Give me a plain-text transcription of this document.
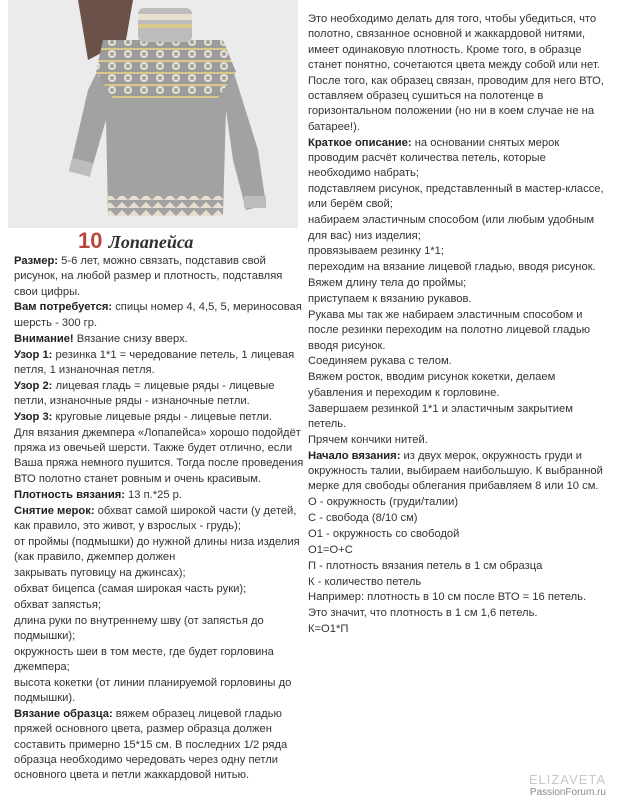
10 Лопапейса

Размер: 5-6 лет, можно связать, подставив свой рисунок, на любой размер и плотность, подставляя свои цифры.

Вам потребуется: спицы номер 4, 4,5, 5, мериносовая шерсть - 300 гр.

Внимание! Вязание снизу вверх.

Узор 1: резинка 1*1 = чередование петель, 1 лицевая петля, 1 изнаночная петля.

Узор 2: лицевая гладь = лицевые ряды - лицевые петли, изнаночные ряды - изнаночные петли.

Узор 3: круговые лицевые ряды - лицевые петли.

Для вязания джемпера «Лопапейса» хорошо подойдёт пряжа из овечьей шерсти. Также будет отлично, если Ваша пряжа немного пушится. Тогда после проведения ВТО полотно станет ровным и очень красивым.

Плотность вязания: 13 п.*25 р.

Снятие мерок: обхват самой широкой части (у детей, как правило, это живот, у взрослых - грудь);

от проймы (подмышки) до нужной длины низа изделия (как правило, джемпер должен

закрывать пуговицу на джинсах);

обхват бицепса (самая широкая часть руки);

обхват запястья;

длина руки по внутреннему шву (от запястья до подмышки);

окружность шеи в том месте, где будет горловина джемпера;

высота кокетки (от линии планируемой горловины до подмышки).

Вязание образца: вяжем образец лицевой гладью пряжей основного цвета, размер образца должен составить примерно 15*15 см. В последних 1/2 ряда образца необходимо чередовать через одну петли основного цвета и петли жаккардовой нитью.

Это необходимо делать для того, чтобы убедиться, что полотно, связанное основной и жаккардовой нитями, имеет одинаковую плотность. Кроме того, в образце станет понятно, сочетаются цвета между собой или нет.

После того, как образец связан, проводим для него ВТО, оставляем образец сушиться на полотенце в горизонтальном положении (но ни в коем случае не на батарее!).

Краткое описание: на основании снятых мерок проводим расчёт количества петель, которые необходимо набрать;

подставляем рисунок, представленный в мастер-классе, или берём свой;

набираем эластичным способом (или любым удобным для вас) низ изделия;

провязываем резинку 1*1;

переходим на вязание лицевой гладью, вводя рисунок.

Вяжем длину тела до проймы;

приступаем к вязанию рукавов.

Рукава мы так же набираем эластичным способом и после резинки переходим на полотно лицевой гладью вводя рисунок.

Соединяем рукава с телом.

Вяжем росток, вводим рисунок кокетки, делаем убавления и переходим к горловине.

Завершаем резинкой 1*1 и эластичным закрытием петель.

Прячем кончики нитей.

Начало вязания: из двух мерок, окружность груди и окружность талии, выбираем наибольшую. К выбранной мерке для свободы облегания прибавляем 8 или 10 см.

О - окружность (груди/талии)

С - свобода (8/10 см)

О1 - окружность со свободой

О1=О+С

П - плотность вязания петель в 1 см образца

К - количество петель

Например: плотность в 10 см после ВТО = 16 петель.

Это значит, что плотность в 1 см 1,6 петель.

К=О1*П

ELIZAVETA
PassionForum.ru
